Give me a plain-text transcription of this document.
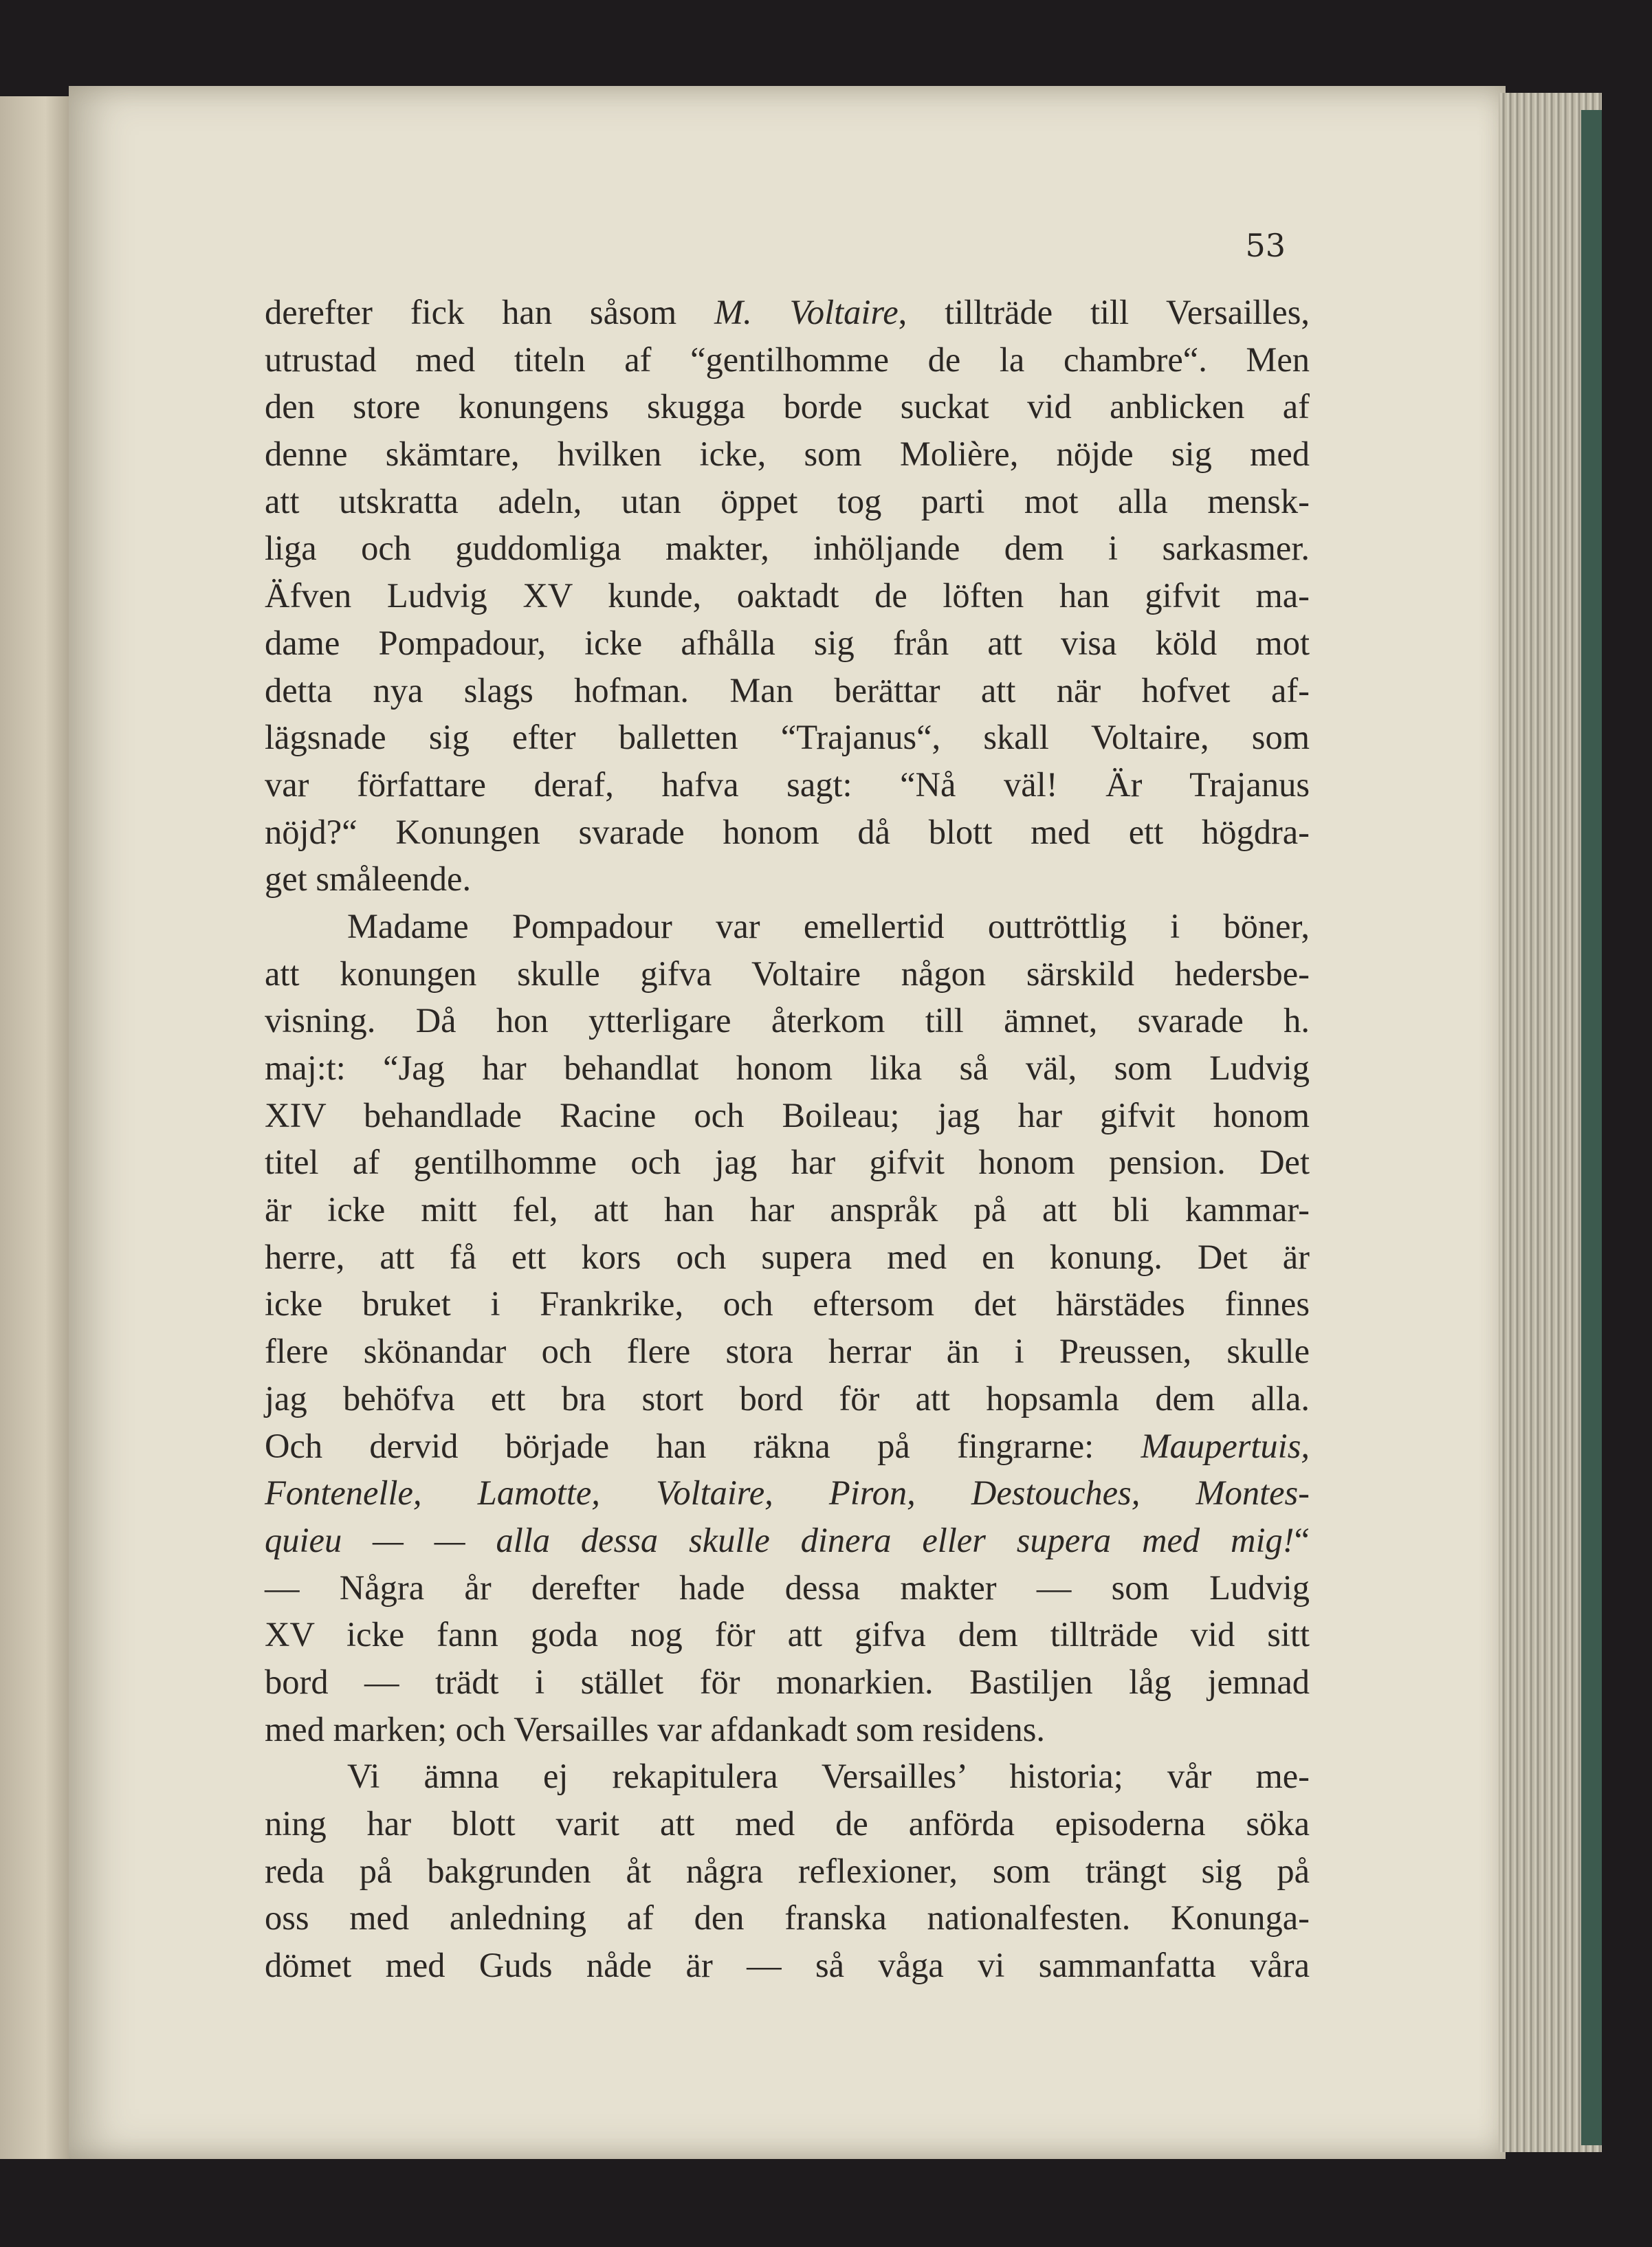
53
derefter fick han såsom M. Voltaire, tillträde till Versailles,
utrustad med titeln af “gentilhomme de la chambre“. Men
den store konungens skugga borde suckat vid anblicken af
denne skämtare, hvilken icke, som Molière, nöjde sig med
att utskratta adeln, utan öppet tog parti mot alla mensk-
liga och guddomliga makter, inhöljande dem i sarkasmer.
Äfven Ludvig XV kunde, oaktadt de löften han gifvit ma-
dame Pompadour, icke afhålla sig från att visa köld mot
detta nya slags hofman. Man berättar att när hofvet af-
lägsnade sig efter balletten “Trajanus“, skall Voltaire, som
var författare deraf, hafva sagt: “Nå väl! Är Trajanus
nöjd?“ Konungen svarade honom då blott med ett högdra-
get småleende.
Madame Pompadour var emellertid outtröttlig i böner,
att konungen skulle gifva Voltaire någon särskild hedersbe-
visning. Då hon ytterligare återkom till ämnet, svarade h.
maj:t: “Jag har behandlat honom lika så väl, som Ludvig
XIV behandlade Racine och Boileau; jag har gifvit honom
titel af gentilhomme och jag har gifvit honom pension. Det
är icke mitt fel, att han har anspråk på att bli kammar-
herre, att få ett kors och supera med en konung. Det är
icke bruket i Frankrike, och eftersom det härstädes finnes
flere skönandar och flere stora herrar än i Preussen, skulle
jag behöfva ett bra stort bord för att hopsamla dem alla.
Och dervid började han räkna på fingrarne: Maupertuis,
Fontenelle, Lamotte, Voltaire, Piron, Destouches, Montes-
quieu — — alla dessa skulle dinera eller supera med mig!“
— Några år derefter hade dessa makter — som Ludvig
XV icke fann goda nog för att gifva dem tillträde vid sitt
bord — trädt i stället för monarkien. Bastiljen låg jemnad
med marken; och Versailles var afdankadt som residens.
Vi ämna ej rekapitulera Versailles’ historia; vår me-
ning har blott varit att med de anförda episoderna söka
reda på bakgrunden åt några reflexioner, som trängt sig på
oss med anledning af den franska nationalfesten. Konunga-
dömet med Guds nåde är — så våga vi sammanfatta våra
